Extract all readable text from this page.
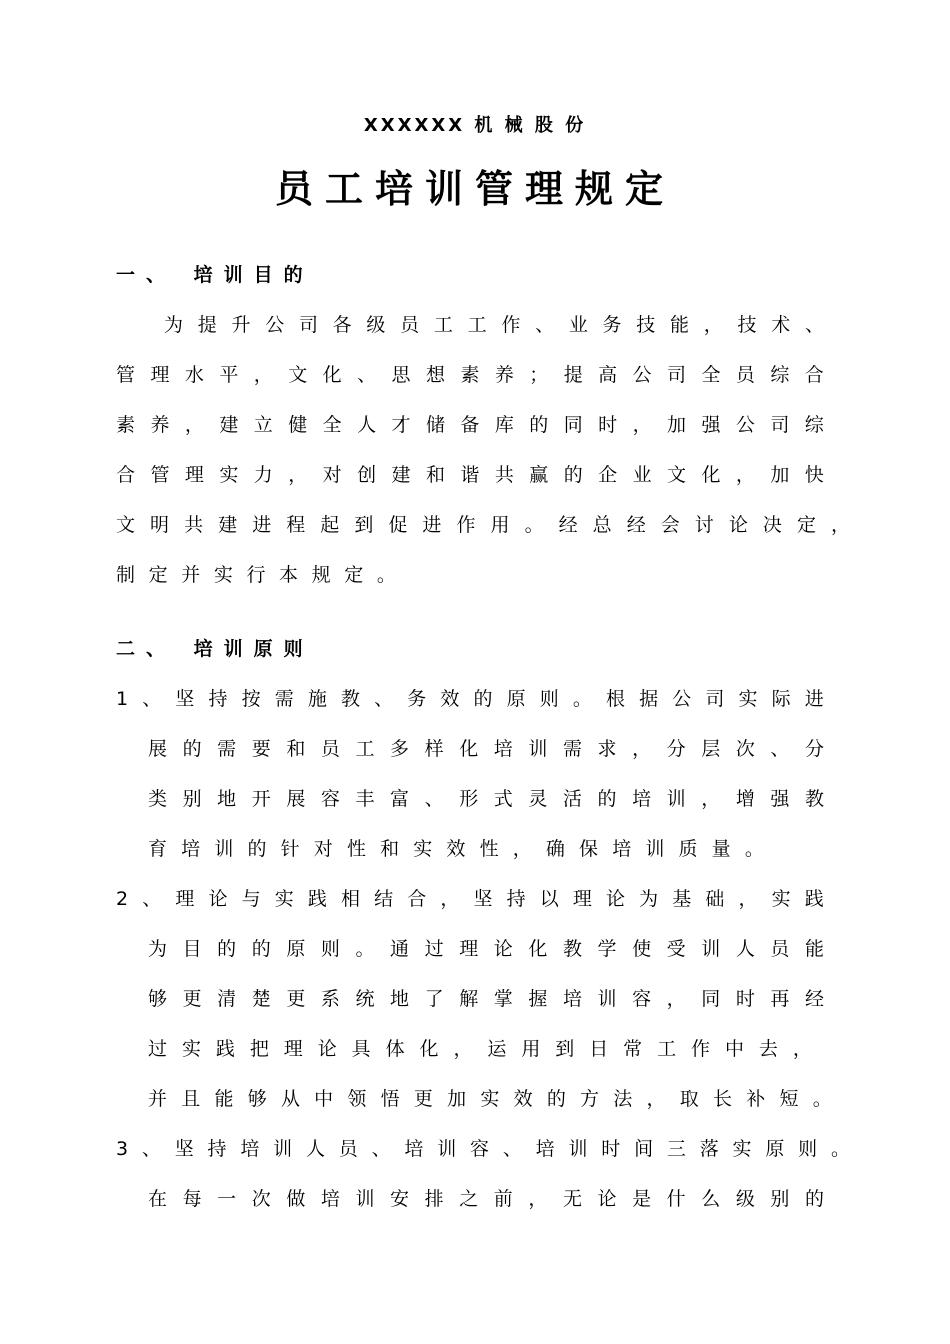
XXXXXX 机 械 股 份
员工培训管理规定
一、 培训目的
为 提 升 公 司 各 级 员 工 工 作 、 业 务 技 能 ， 技 术 、
管 理 水 平 ， 文 化 、 思 想 素 养 ； 提 高 公 司 全 员 综 合
素 养 ， 建 立 健 全 人 才 储 备 库 的 同 时 ， 加 强 公 司 综
合 管 理 实 力 ， 对 创 建 和 谐 共 赢 的 企 业 文 化 ， 加 快
文 明 共 建 进 程 起 到 促 进 作 用 。 经 总 经 会 讨 论 决 定 ，
制 定 并 实 行 本 规 定 。
二、 培训原则
1 、 坚 持 按 需 施 教 、 务 效 的 原 则 。 根 据 公 司 实 际 进
展 的 需 要 和 员 工 多 样 化 培 训 需 求 ， 分 层 次 、 分
类 别 地 开 展 容 丰 富 、 形 式 灵 活 的 培 训 ， 增 强 教
育 培 训 的 针 对 性 和 实 效 性 ， 确 保 培 训 质 量 。
2 、 理 论 与 实 践 相 结 合 ， 坚 持 以 理 论 为 基 础 ， 实 践
为 目 的 的 原 则 。 通 过 理 论 化 教 学 使 受 训 人 员 能
够 更 清 楚 更 系 统 地 了 解 掌 握 培 训 容 ， 同 时 再 经
过 实 践 把 理 论 具 体 化 ， 运 用 到 日 常 工 作 中 去 ，
并 且 能 够 从 中 领 悟 更 加 实 效 的 方 法 ， 取 长 补 短 。
3 、 坚 持 培 训 人 员 、 培 训 容 、 培 训 时 间 三 落 实 原 则 。
在 每 一 次 做 培 训 安 排 之 前 ， 无 论 是 什 么 级 别 的
